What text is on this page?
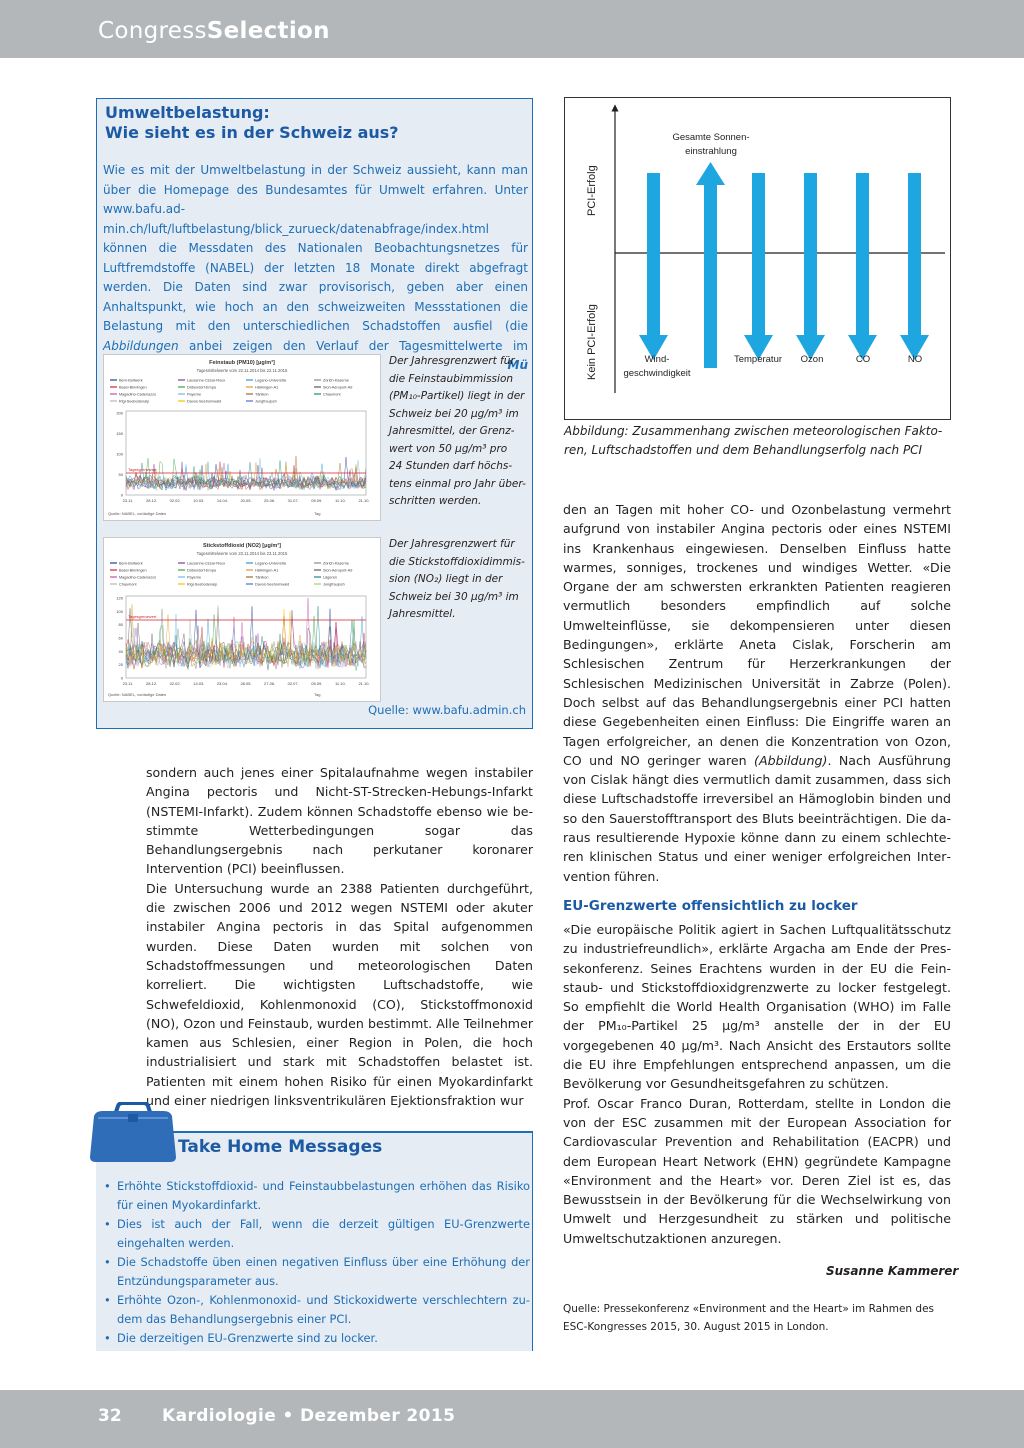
CongressSelection
Umweltbelastung:
Wie sieht es in der Schweiz aus?
Wie es mit der Umweltbelastung in der Schweiz aussieht, kann man über die Homepage des Bundesamtes für Umwelt erfahren. Unter www.bafu.admin.ch/luft/luftbelastung/blick_zurueck/datenabfrage/index.html können die Messdaten des Nationalen Beobachtungsnetzes für Luftfremdstoffe (NABEL) der letzten 18 Monate direkt abgefragt werden. Die Daten sind zwar provisorisch, geben aber einen Anhaltspunkt, wie hoch an den schweizweiten Messstationen die Belastung mit den unterschiedlichen Schadstoffen ausfiel (die Abbildungen anbei zeigen den Verlauf der Tagesmittelwerte im
Mü
Feinstaub (PM10) [μg/m³]
Tagesmittelwerte vom 22.11.2014 bis 22.11.2015
Bern-Bollwerk	Lausanne-César-Roux	Lugano-Università	Zürich-Kaserne
Basel-Binningen	Dübendorf-Empa	Härkingen-A1	Sion-Aéroport-A9
Magadino-Cadenazzo	Payerne	Tänikon	Chaumont
Rigi-Seebodenalp	Davos-Seehornwald	Jungfraujoch
200
150
100
50
0
23.11.	28.12.	02.02.	10.03.	14.04.	20.05.	25.06.	31.07.	05.09.	11.10.	21.10.
Tagesgrenzwert
Quelle: NABEL, vorläufige Daten	Tag
Der Jahresgrenzwert für
die Feinstaubimmission
(PM₁₀-Partikel) liegt in der
Schweiz bei 20 μg/m³ im
Jahresmittel, der Grenz-
wert von 50 μg/m³ pro
24 Stunden darf höchs-
tens einmal pro Jahr über-
schritten werden.
Stickstoffdioxid (NO2) [μg/m³]
Tagesmittelwerte vom 23.11.2014 bis 23.11.2015
Bern-Bollwerk	Lausanne-César-Roux	Lugano-Università	Zürich-Kaserne
Basel-Binningen	Dübendorf-Empa	Härkingen-A1	Sion-Aéroport-A9
Magadino-Cadenazzo	Payerne	Tänikon	Lägeren
Chaumont	Rigi-Seebodenalp	Davos-Seehornwald	Jungfraujoch
120
100
80
60
40
20
0
23.11.	28.12.	02.02.	14.03.	23.04.	28.05.	27.06.	02.07.	05.09.	11.10.	21.10.
Tagesgrenzwert
Quelle: NABEL, vorläufige Daten	Tag
Der Jahresgrenzwert für
die Stickstoffdioxidimmis-
sion (NO₂) liegt in der
Schweiz bei 30 μg/m³ im
Jahresmittel.
Quelle: www.bafu.admin.ch

sondern auch jenes einer Spitalaufnahme wegen instabiler Angina pectoris und Nicht-ST-Strecken-Hebungs-Infarkt (NSTEMI-Infarkt). Zudem können Schadstoffe ebenso wie bestimmte Wetterbedingungen sogar das Behandlungsergebnis nach perkutaner koronarer Intervention (PCI) beeinflussen.

Die Untersuchung wurde an 2388 Patienten durchgeführt, die zwischen 2006 und 2012 wegen NSTEMI oder akuter instabiler Angina pectoris in das Spital aufgenommen wurden. Diese Daten wurden mit solchen von Schadstoffmessungen und meteorologischen Daten korreliert. Die wichtigsten Luftschadstoffe, wie Schwefeldioxid, Kohlenmonoxid (CO), Stickstoffmonoxid (NO), Ozon und Feinstaub, wurden bestimmt. Alle Teilnehmer kamen aus Schlesien, einer Region in Polen, die hoch industrialisiert und stark mit Schadstoffen belastet ist. Patienten mit einem hohen Risiko für einen Myokardinfarkt und einer niedrigen linksventrikulären Ejektionsfraktion wur

PCI-Erfolg
Kein PCI-Erfolg
Gesamte Sonnen-
einstrahlung
Wind-
geschwindigkeit
Temperatur Ozon	CO	NO
Abbildung: Zusammenhang zwischen meteorologischen Faktoren, Luftschadstoffen und dem Behandlungserfolg nach PCI

den an Tagen mit hoher CO- und Ozonbelastung vermehrt aufgrund von instabiler Angina pectoris oder eines NSTEMI ins Krankenhaus eingewiesen. Denselben Einfluss hatte warmes, sonniges, trockenes und windiges Wetter. «Die Organe der am schwersten erkrankten Patienten reagieren vermutlich besonders empfindlich auf solche Umwelteinflüsse, sie dekompensieren unter diesen Bedingungen», erklärte Aneta Cislak, Forscherin am Schlesischen Zentrum für Herzerkrankungen der Schlesischen Medizinischen Universität in Zabrze (Polen). Doch selbst auf das Behandlungsergebnis einer PCI hatten diese Gegebenheiten einen Einfluss: Die Eingriffe waren an Tagen erfolgreicher, an denen die Konzentration von Ozon, CO und NO geringer waren (Abbildung). Nach Ausführung von Cislak hängt dies vermutlich damit zusammen, dass sich diese Luftschadstoffe irreversibel an Hämoglobin binden und so den Sauerstofftransport des Bluts beeinträchtigen. Die daraus resultierende Hypoxie könne dann zu einem schlechteren klinischen Status und einer weniger erfolgreichen Intervention führen.

EU-Grenzwerte offensichtlich zu locker

«Die europäische Politik agiert in Sachen Luftqualitätsschutz zu industriefreundlich», erklärte Argacha am Ende der Pressekonferenz. Seines Erachtens wurden in der EU die Feinstaub- und Stickstoffdioxidgrenzwerte zu locker festgelegt. So empfiehlt die World Health Organisation (WHO) im Falle der PM₁₀-Partikel 25 μg/m³ anstelle der in der EU vorgegebenen 40 μg/m³. Nach Ansicht des Erstautors sollte die EU ihre Empfehlungen entsprechend anpassen, um die Bevölkerung vor Gesundheitsgefahren zu schützen.

Prof. Oscar Franco Duran, Rotterdam, stellte in London die von der ESC zusammen mit der European Association for Cardiovascular Prevention and Rehabilitation (EACPR) und dem European Heart Network (EHN) gegründete Kampagne «Environment and the Heart» vor. Deren Ziel ist es, das Bewusstsein in der Bevölkerung für die Wechselwirkung von Umwelt und Herzgesundheit zu stärken und politische Umweltschutzaktionen anzuregen.

Susanne Kammerer
Quelle: Pressekonferenz «Environment and the Heart» im Rahmen des
ESC-Kongresses 2015, 30. August 2015 in London.
• Erhöhte Stickstoffdioxid- und Feinstaubbelastungen erhöhen das Risiko für einen Myokardinfarkt.
• Dies ist auch der Fall, wenn die derzeit gültigen EU-Grenzwerte eingehalten werden.
• Die Schadstoffe üben einen negativen Einfluss über eine Erhöhung der Entzündungsparameter aus.
• Erhöhte Ozon-, Kohlenmonoxid- und Stickoxidwerte verschlechtern zudem das Behandlungsergebnis einer PCI.
• Die derzeitigen EU-Grenzwerte sind zu locker.
Take Home Messages
32 Kardiologie • Dezember 2015
